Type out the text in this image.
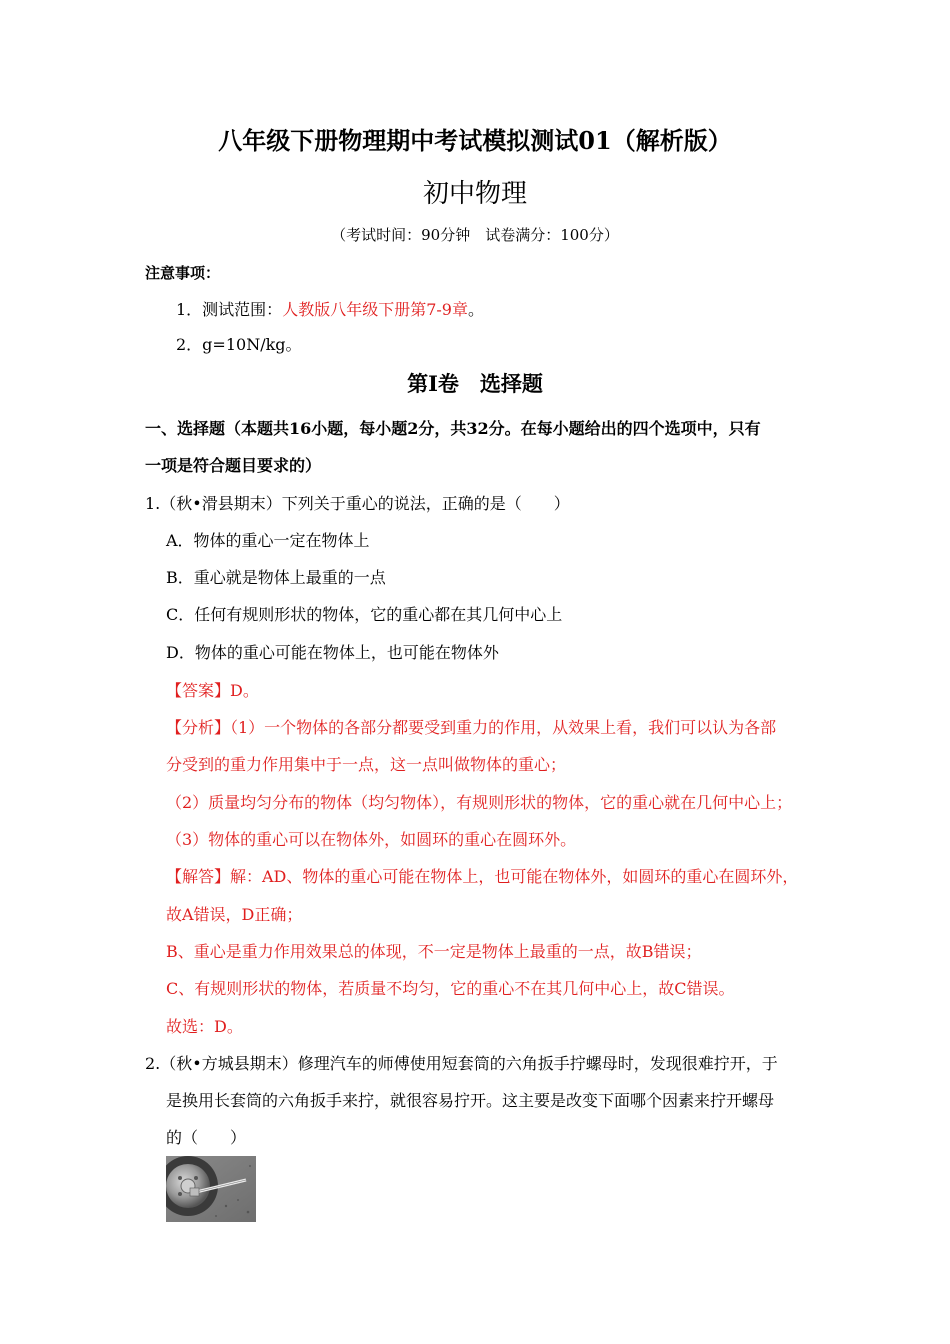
八年级下册物理期中考试模拟测试01（解析版）
初中物理
（考试时间：90分钟　试卷满分：100分）
注意事项：
1．测试范围：人教版八年级下册第7-9章。
2．g=10N/kg。
第Ⅰ卷　选择题
一、选择题（本题共16小题，每小题2分，共32分。在每小题给出的四个选项中，只有
一项是符合题目要求的）
1.（秋•滑县期末）下列关于重心的说法，正确的是（　　）
A．物体的重心一定在物体上
B．重心就是物体上最重的一点
C．任何有规则形状的物体，它的重心都在其几何中心上
D．物体的重心可能在物体上，也可能在物体外
【答案】D。
【分析】（1）一个物体的各部分都要受到重力的作用，从效果上看，我们可以认为各部
分受到的重力作用集中于一点，这一点叫做物体的重心；
（2）质量均匀分布的物体（均匀物体），有规则形状的物体，它的重心就在几何中心上；
（3）物体的重心可以在物体外，如圆环的重心在圆环外。
【解答】解：AD、物体的重心可能在物体上，也可能在物体外，如圆环的重心在圆环外，
故A错误，D正确；
B、重心是重力作用效果总的体现，不一定是物体上最重的一点，故B错误；
C、有规则形状的物体，若质量不均匀，它的重心不在其几何中心上，故C错误。
故选：D。
2.（秋•方城县期末）修理汽车的师傅使用短套筒的六角扳手拧螺母时，发现很难拧开，于
是换用长套筒的六角扳手来拧，就很容易拧开。这主要是改变下面哪个因素来拧开螺母
的（　　）
